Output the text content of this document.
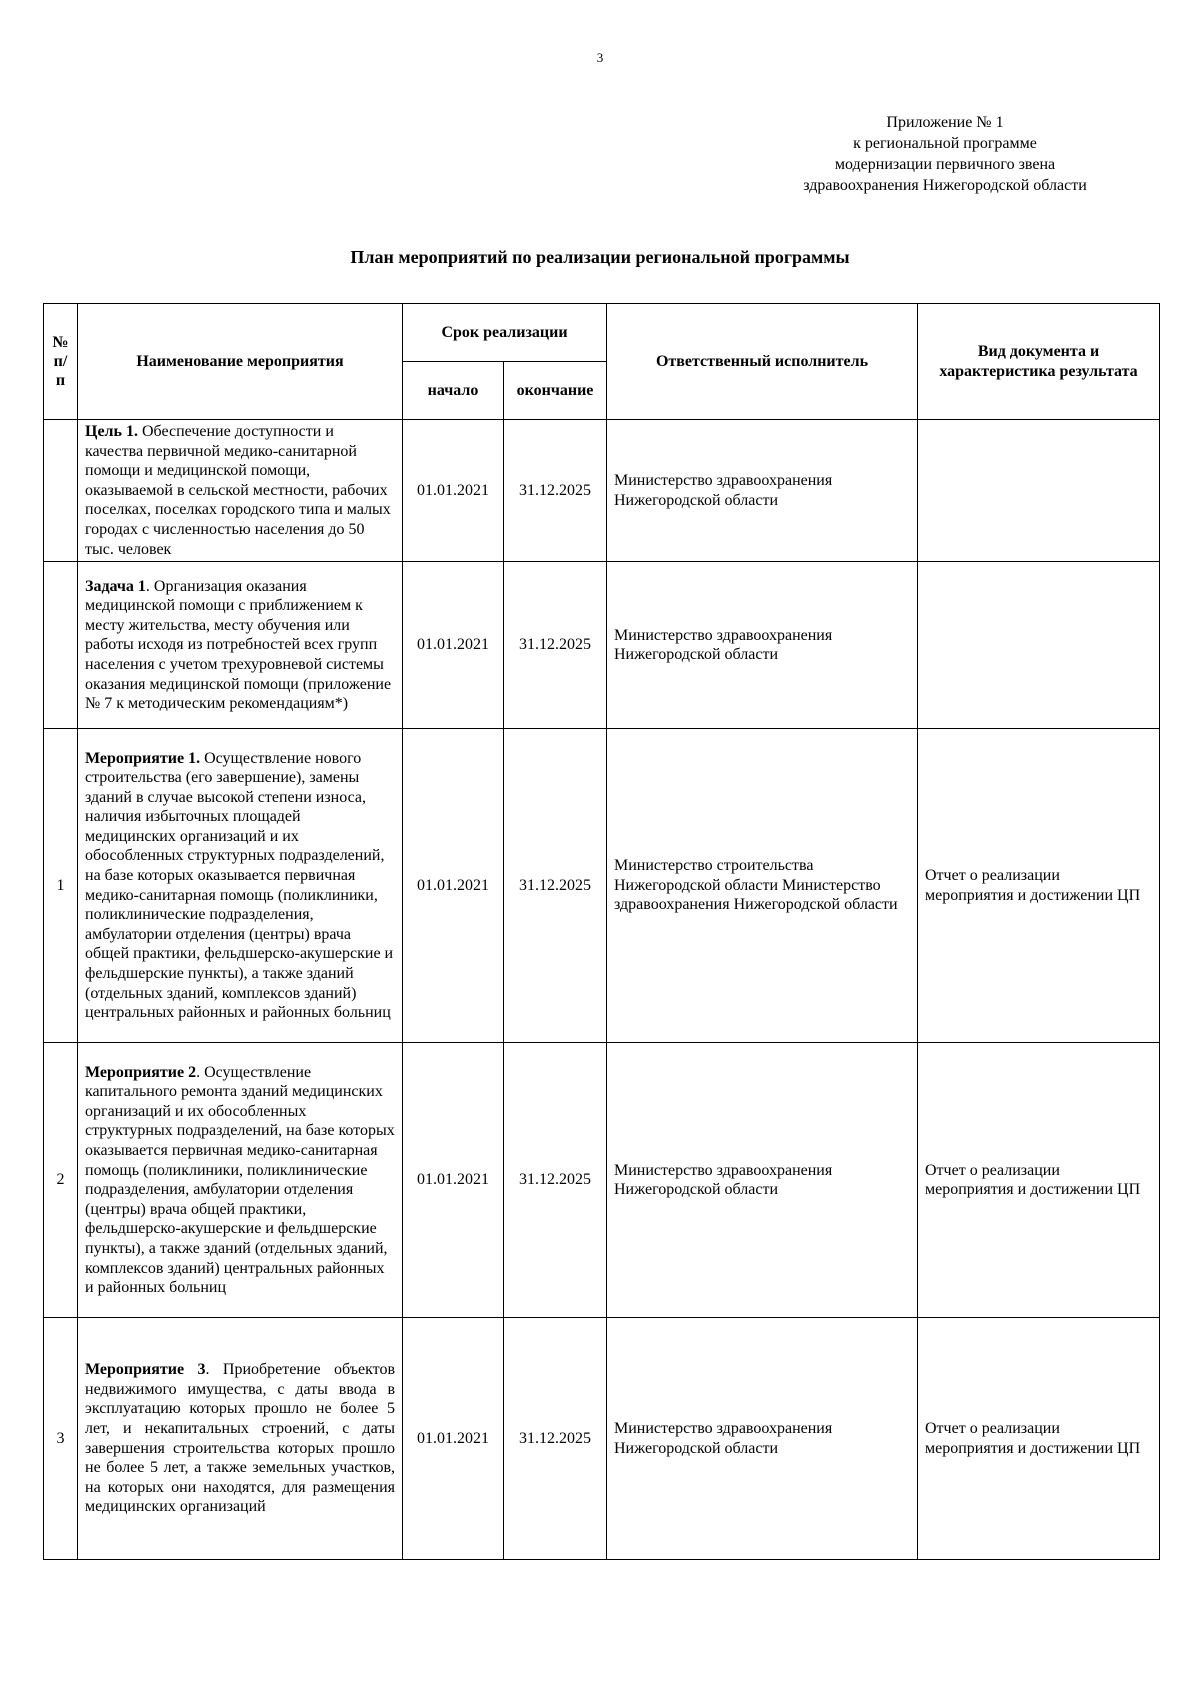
3
Приложение № 1
к региональной программе
модернизации первичного звена
здравоохранения Нижегородской области
План мероприятий по реализации региональной программы
№ п/ п	Наименование мероприятия	Срок реализации		Ответственный исполнитель	Вид документа и характеристика результата
		начало	окончание		
	Цель 1. Обеспечение доступности и качества первичной медико-санитарной помощи и медицинской помощи, оказываемой в сельской местности, рабочих поселках, поселках городского типа и малых городах с численностью населения до 50 тыс. человек	01.01.2021	31.12.2025	Министерство здравоохранения Нижегородской области	
	Задача 1. Организация оказания медицинской помощи с приближением к месту жительства, месту обучения или работы исходя из потребностей всех групп населения с учетом трехуровневой системы оказания медицинской помощи (приложение № 7 к методическим рекомендациям*)	01.01.2021	31.12.2025	Министерство здравоохранения Нижегородской области	
1	Мероприятие 1. Осуществление нового строительства (его завершение), замены зданий в случае высокой степени износа, наличия избыточных площадей медицинских организаций и их обособленных структурных подразделений, на базе которых оказывается первичная медико-санитарная помощь (поликлиники, поликлинические подразделения, амбулатории отделения (центры) врача общей практики, фельдшерско-акушерские и фельдшерские пункты), а также зданий (отдельных зданий, комплексов зданий) центральных районных и районных больниц	01.01.2021	31.12.2025	Министерство строительства Нижегородской области Министерство здравоохранения Нижегородской области	Отчет о реализации мероприятия и достижении ЦП
2	Мероприятие 2. Осуществление капитального ремонта зданий медицинских организаций и их обособленных структурных подразделений, на базе которых оказывается первичная медико-санитарная помощь (поликлиники, поликлинические подразделения, амбулатории отделения (центры) врача общей практики, фельдшерско-акушерские и фельдшерские пункты), а также зданий (отдельных зданий, комплексов зданий) центральных районных и районных больниц	01.01.2021	31.12.2025	Министерство здравоохранения Нижегородской области	Отчет о реализации мероприятия и достижении ЦП
3	Мероприятие 3. Приобретение объектов недвижимого имущества, с даты ввода в эксплуатацию которых прошло не более 5 лет, и некапитальных строений, с даты завершения строительства которых прошло не более 5 лет, а также земельных участков, на которых они находятся, для размещения медицинских организаций	01.01.2021	31.12.2025	Министерство здравоохранения Нижегородской области	Отчет о реализации мероприятия и достижении ЦП
